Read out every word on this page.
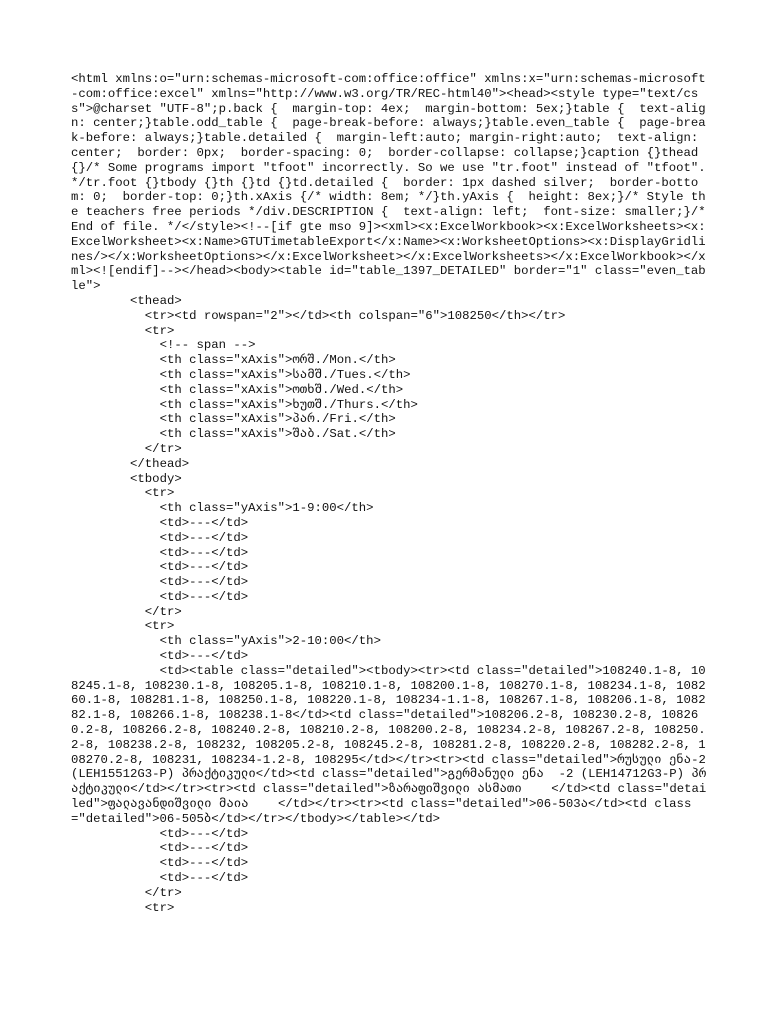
<html xmlns:o="urn:schemas-microsoft-com:office:office" xmlns:x="urn:schemas-microsoft-com:office:excel" xmlns="http://www.w3.org/TR/REC-html40"><head><style type="text/css">@charset "UTF-8";p.back {  margin-top: 4ex;  margin-bottom: 5ex;}table {  text-align: center;}table.odd_table {  page-break-before: always;}table.even_table {  page-break-before: always;}table.detailed {  margin-left:auto; margin-right:auto;  text-align: center;  border: 0px;  border-spacing: 0;  border-collapse: collapse;}caption {}thead {}/* Some programs import "tfoot" incorrectly. So we use "tr.foot" instead of "tfoot". */tr.foot {}tbody {}th {}td {}td.detailed {  border: 1px dashed silver;  border-bottom: 0;  border-top: 0;}th.xAxis {/* width: 8em; */}th.yAxis {  height: 8ex;}/* Style the teachers free periods */div.DESCRIPTION {  text-align: left;  font-size: smaller;}/* End of file. */</style><!--[if gte mso 9]><xml><x:ExcelWorkbook><x:ExcelWorksheets><x:ExcelWorksheet><x:Name>GTUTimetableExport</x:Name><x:WorksheetOptions><x:DisplayGridlines/></x:WorksheetOptions></x:ExcelWorksheet></x:ExcelWorksheets></x:ExcelWorkbook></xml><![endif]--></head><body><table id="table_1397_DETAILED" border="1" class="even_table">
	<thead>
	<tr><td rowspan="2"></td><th colspan="6">108250</th></tr>
	<tr>
	<!-- span -->
	<th class="xAxis">ორშ./Mon.</th>
	<th class="xAxis">სამშ./Tues.</th>
	<th class="xAxis">ოთხშ./Wed.</th>
	<th class="xAxis">ხუთშ./Thurs.</th>
	<th class="xAxis">პარ./Fri.</th>
	<th class="xAxis">შაბ./Sat.</th>
	</tr>
	</thead>
	<tbody>
	<tr>
	<th class="yAxis">1-9:00</th>
	<td>---</td>
	<td>---</td>
	<td>---</td>
	<td>---</td>
	<td>---</td>
	<td>---</td>
	</tr>
	<tr>
	<th class="yAxis">2-10:00</th>
	<td>---</td>
	<td><table class="detailed"><tbody><tr><td class="detailed">108240.1-8, 108245.1-8, 108230.1-8, 108205.1-8, 108210.1-8, 108200.1-8, 108270.1-8, 108234.1-8, 108260.1-8, 108281.1-8, 108250.1-8, 108220.1-8, 108234-1.1-8, 108267.1-8, 108206.1-8, 108282.1-8, 108266.1-8, 108238.1-8</td><td class="detailed">108206.2-8, 108230.2-8, 108260.2-8, 108266.2-8, 108240.2-8, 108210.2-8, 108200.2-8, 108234.2-8, 108267.2-8, 108250.2-8, 108238.2-8, 108232, 108205.2-8, 108245.2-8, 108281.2-8, 108220.2-8, 108282.2-8, 108270.2-8, 108231, 108234-1.2-8, 108295</td></tr><tr><td class="detailed">რუსული ენა-2 (LEH15512G3-P) პრაქტიკული</td><td class="detailed">გერმანული ენა  -2 (LEH14712G3-P) პრაქტიკული</td></tr><tr><td class="detailed">ზარაფიშვილი ასმათი    </td><td class="detailed">ფალავანდიშვილი მაია    </td></tr><tr><td class="detailed">06-503ა</td><td class="detailed">06-505ბ</td></tr></tbody></table></td>
	<td>---</td>
	<td>---</td>
	<td>---</td>
	<td>---</td>
	</tr>
	<tr>
